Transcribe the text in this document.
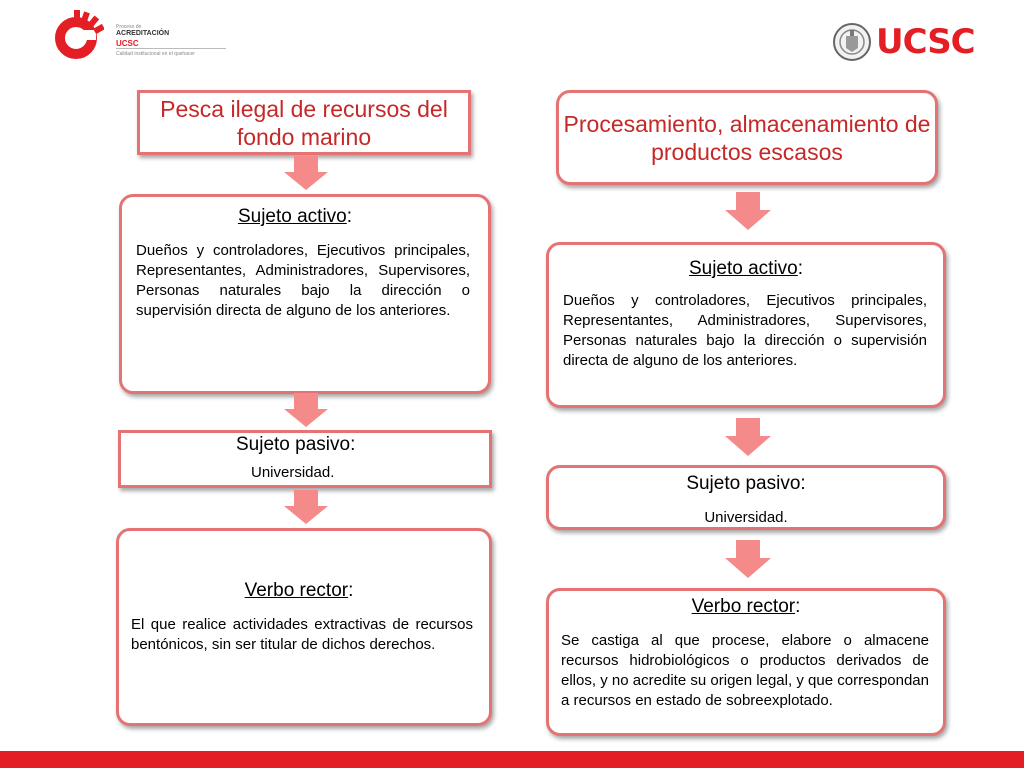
Proceso de
ACREDITACIÓN
UCSC
Calidad institucional en el quehacer	UCSC
Pesca ilegal de recursos del fondo marino
Sujeto activo:
Dueños y controladores, Ejecutivos principales, Representantes, Administradores, Supervisores, Personas naturales bajo la dirección o supervisión directa de alguno de los anteriores.
Sujeto pasivo:
Universidad.
Verbo rector:
El que realice actividades extractivas de recursos bentónicos, sin ser titular de dichos derechos.
Procesamiento, almacenamiento de productos escasos
Sujeto activo:
Dueños y controladores, Ejecutivos principales, Representantes, Administradores, Supervisores, Personas naturales bajo la dirección o supervisión directa de alguno de los anteriores.
Sujeto pasivo:
Universidad.
Verbo rector:
Se castiga al que procese, elabore o almacene recursos hidrobiológicos o productos derivados de ellos, y no acredite su origen legal, y que correspondan a recursos en estado de sobreexplotado.
